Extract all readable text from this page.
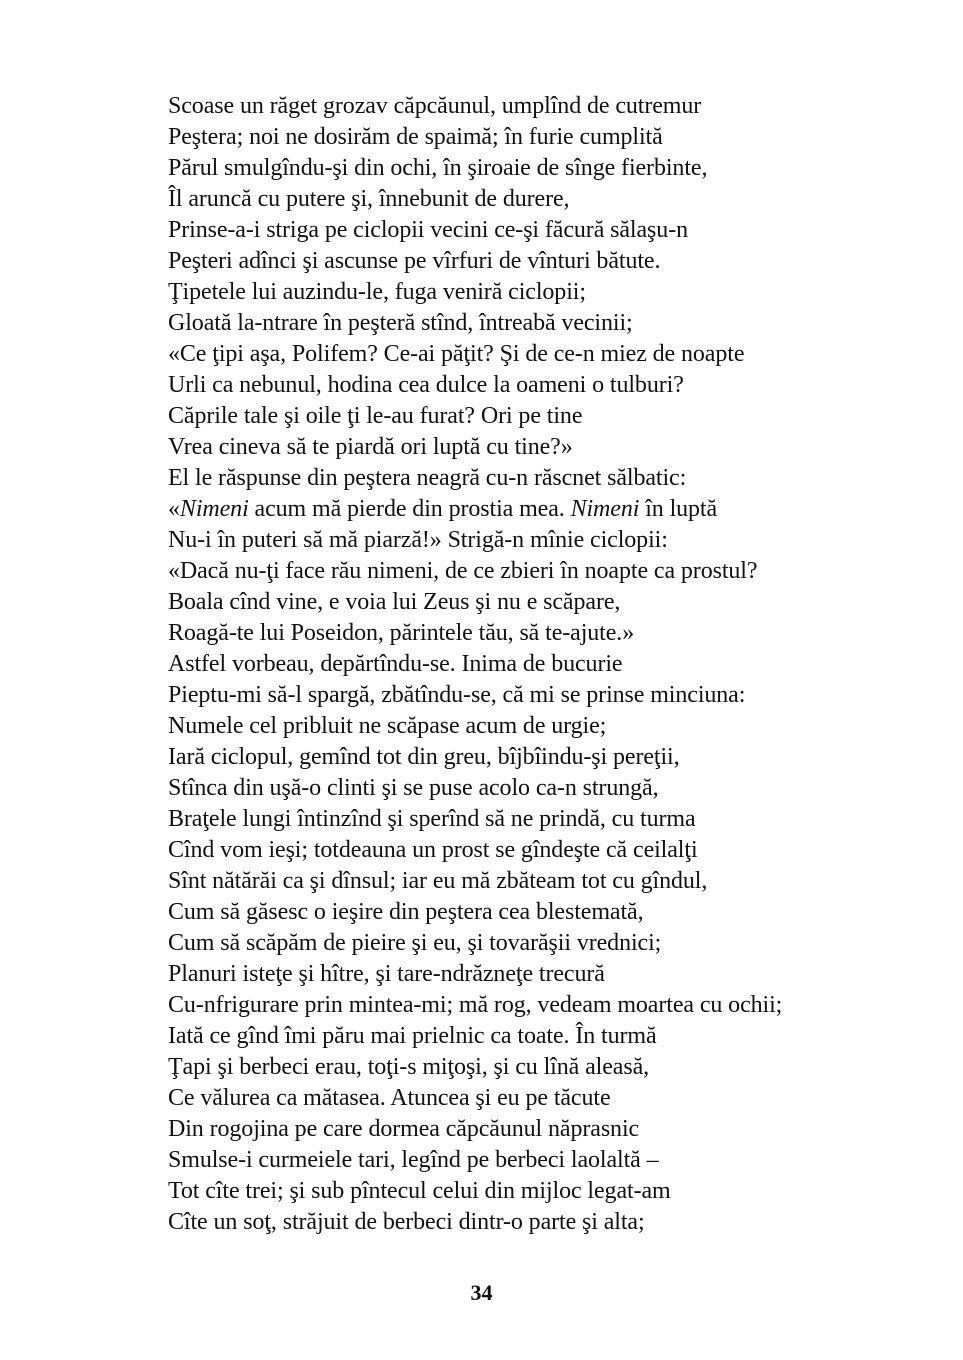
Scoase un răget grozav căpcăunul, umplînd de cutremur
Peştera; noi ne dosirăm de spaimă; în furie cumplită
Părul smulgîndu-şi din ochi, în şiroaie de sînge fierbinte,
Îl aruncă cu putere şi, înnebunit de durere,
Prinse-a-i striga pe ciclopii vecini ce-şi făcură sălaşu-n
Peşteri adînci şi ascunse pe vîrfuri de vînturi bătute.
Ţipetele lui auzindu-le, fuga veniră ciclopii;
Gloată la-ntrare în peşteră stînd, întreabă vecinii;
«Ce ţipi aşa, Polifem? Ce-ai păţit? Şi de ce-n miez de noapte
Urli ca nebunul, hodina cea dulce la oameni o tulburi?
Căprile tale şi oile ţi le-au furat? Ori pe tine
Vrea cineva să te piardă ori luptă cu tine?»
El le răspunse din peştera neagră cu-n răscnet sălbatic:
«Nimeni acum mă pierde din prostia mea. Nimeni în luptă
Nu-i în puteri să mă piarză!» Strigă-n mînie ciclopii:
«Dacă nu-ţi face rău nimeni, de ce zbieri în noapte ca prostul?
Boala cînd vine, e voia lui Zeus şi nu e scăpare,
Roagă-te lui Poseidon, părintele tău, să te-ajute.»
Astfel vorbeau, depărtîndu-se. Inima de bucurie
Pieptu-mi să-l spargă, zbătîndu-se, că mi se prinse minciuna:
Numele cel pribluit ne scăpase acum de urgie;
Iară ciclopul, gemînd tot din greu, bîjbîindu-şi pereţii,
Stînca din uşă-o clinti şi se puse acolo ca-n strungă,
Braţele lungi întinzînd şi sperînd să ne prindă, cu turma
Cînd vom ieşi; totdeauna un prost se gîndeşte că ceilalţi
Sînt nătărăi ca şi dînsul; iar eu mă zbăteam tot cu gîndul,
Cum să găsesc o ieşire din peştera cea blestemată,
Cum să scăpăm de pieire şi eu, şi tovarăşii vrednici;
Planuri isteţe şi hître, şi tare-ndrăzneţe trecură
Cu-nfrigurare prin mintea-mi; mă rog, vedeam moartea cu ochii;
Iată ce gînd îmi păru mai prielnic ca toate. În turmă
Ţapi şi berbeci erau, toţi-s miţoşi, şi cu lînă aleasă,
Ce vălurea ca mătasea. Atuncea şi eu pe tăcute
Din rogojina pe care dormea căpcăunul năprasnic
Smulse-i curmeiele tari, legînd pe berbeci laolaltă –
Tot cîte trei; şi sub pîntecul celui din mijloc legat-am
Cîte un soţ, străjuit de berbeci dintr-o parte şi alta;
34
